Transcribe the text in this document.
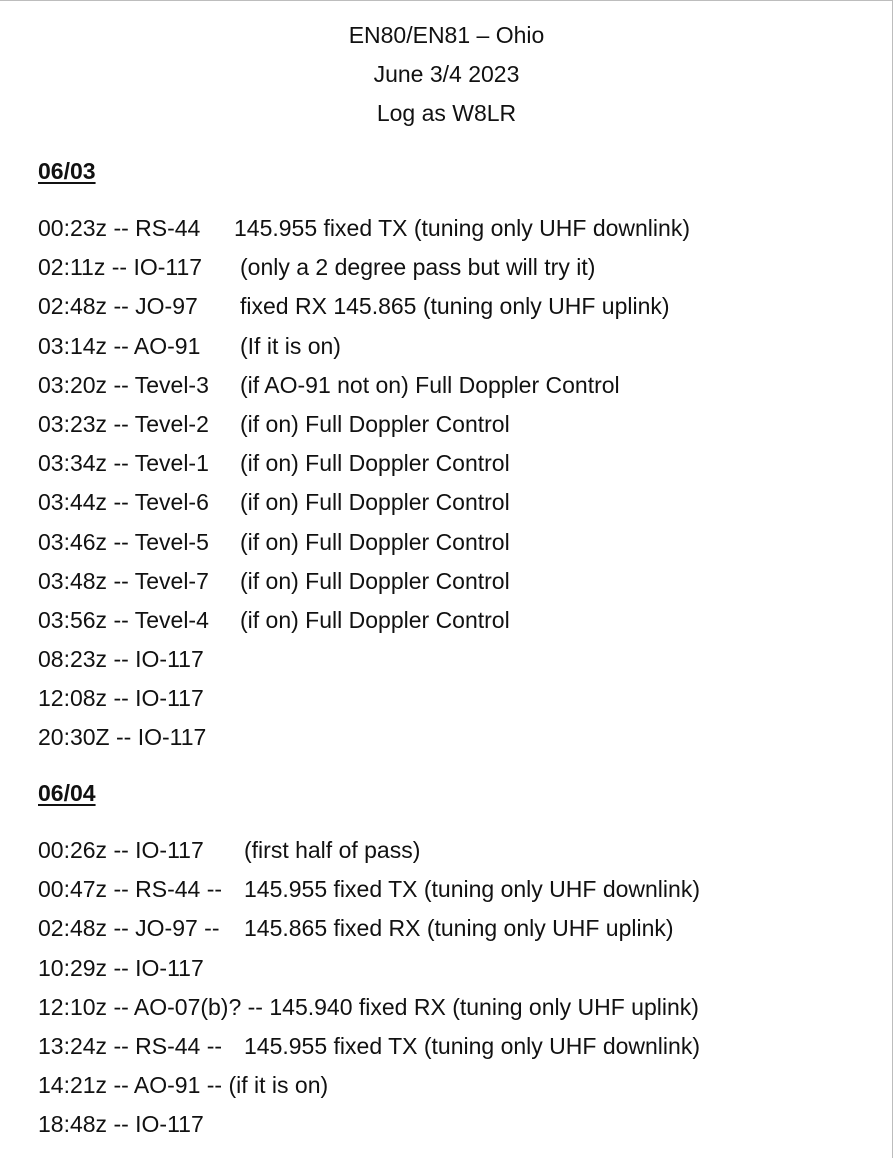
EN80/EN81 – Ohio
June 3/4 2023
Log as W8LR
06/03
00:23z -- RS-44	145.955 fixed TX (tuning only UHF downlink)
02:11z -- IO-117	(only a 2 degree pass but will try it)
02:48z -- JO-97	fixed RX 145.865 (tuning only UHF uplink)
03:14z -- AO-91	(If it is on)
03:20z -- Tevel-3	(if AO-91 not on) Full Doppler Control
03:23z -- Tevel-2	(if on) Full Doppler Control
03:34z -- Tevel-1	(if on) Full Doppler Control
03:44z -- Tevel-6	(if on) Full Doppler Control
03:46z -- Tevel-5	(if on) Full Doppler Control
03:48z -- Tevel-7	(if on) Full Doppler Control
03:56z -- Tevel-4	(if on) Full Doppler Control
08:23z -- IO-117
12:08z -- IO-117
20:30Z -- IO-117
06/04
00:26z -- IO-117	(first half of pass)
00:47z -- RS-44 -- 145.955 fixed TX (tuning only UHF downlink)
02:48z -- JO-97 --	145.865 fixed RX (tuning only UHF uplink)
10:29z -- IO-117
12:10z -- AO-07(b)? -- 145.940 fixed RX (tuning only UHF uplink)
13:24z -- RS-44 -- 145.955 fixed TX (tuning only UHF downlink)
14:21z -- AO-91 -- (if it is on)
18:48z -- IO-117
